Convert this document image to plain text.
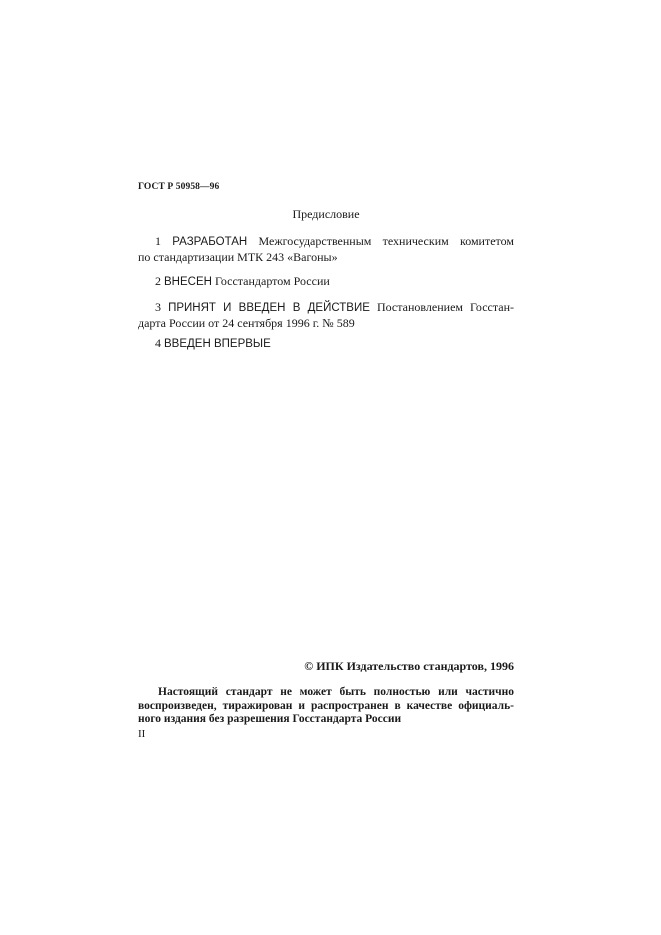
ГОСТ Р 50958—96
Предисловие
1 РАЗРАБОТАН Межгосударственным техническим комитетом
по стандартизации МТК 243 «Вагоны»
2 ВНЕСЕН Госстандартом России
3 ПРИНЯТ И ВВЕДЕН В ДЕЙСТВИЕ Постановлением Госстан-
дарта России от 24 сентября 1996 г. № 589
4 ВВЕДЕН ВПЕРВЫЕ
© ИПК Издательство стандартов, 1996
Настоящий стандарт не может быть полностью или частично
воспроизведен, тиражирован и распространен в качестве официаль-
ного издания без разрешения Госстандарта России
II
